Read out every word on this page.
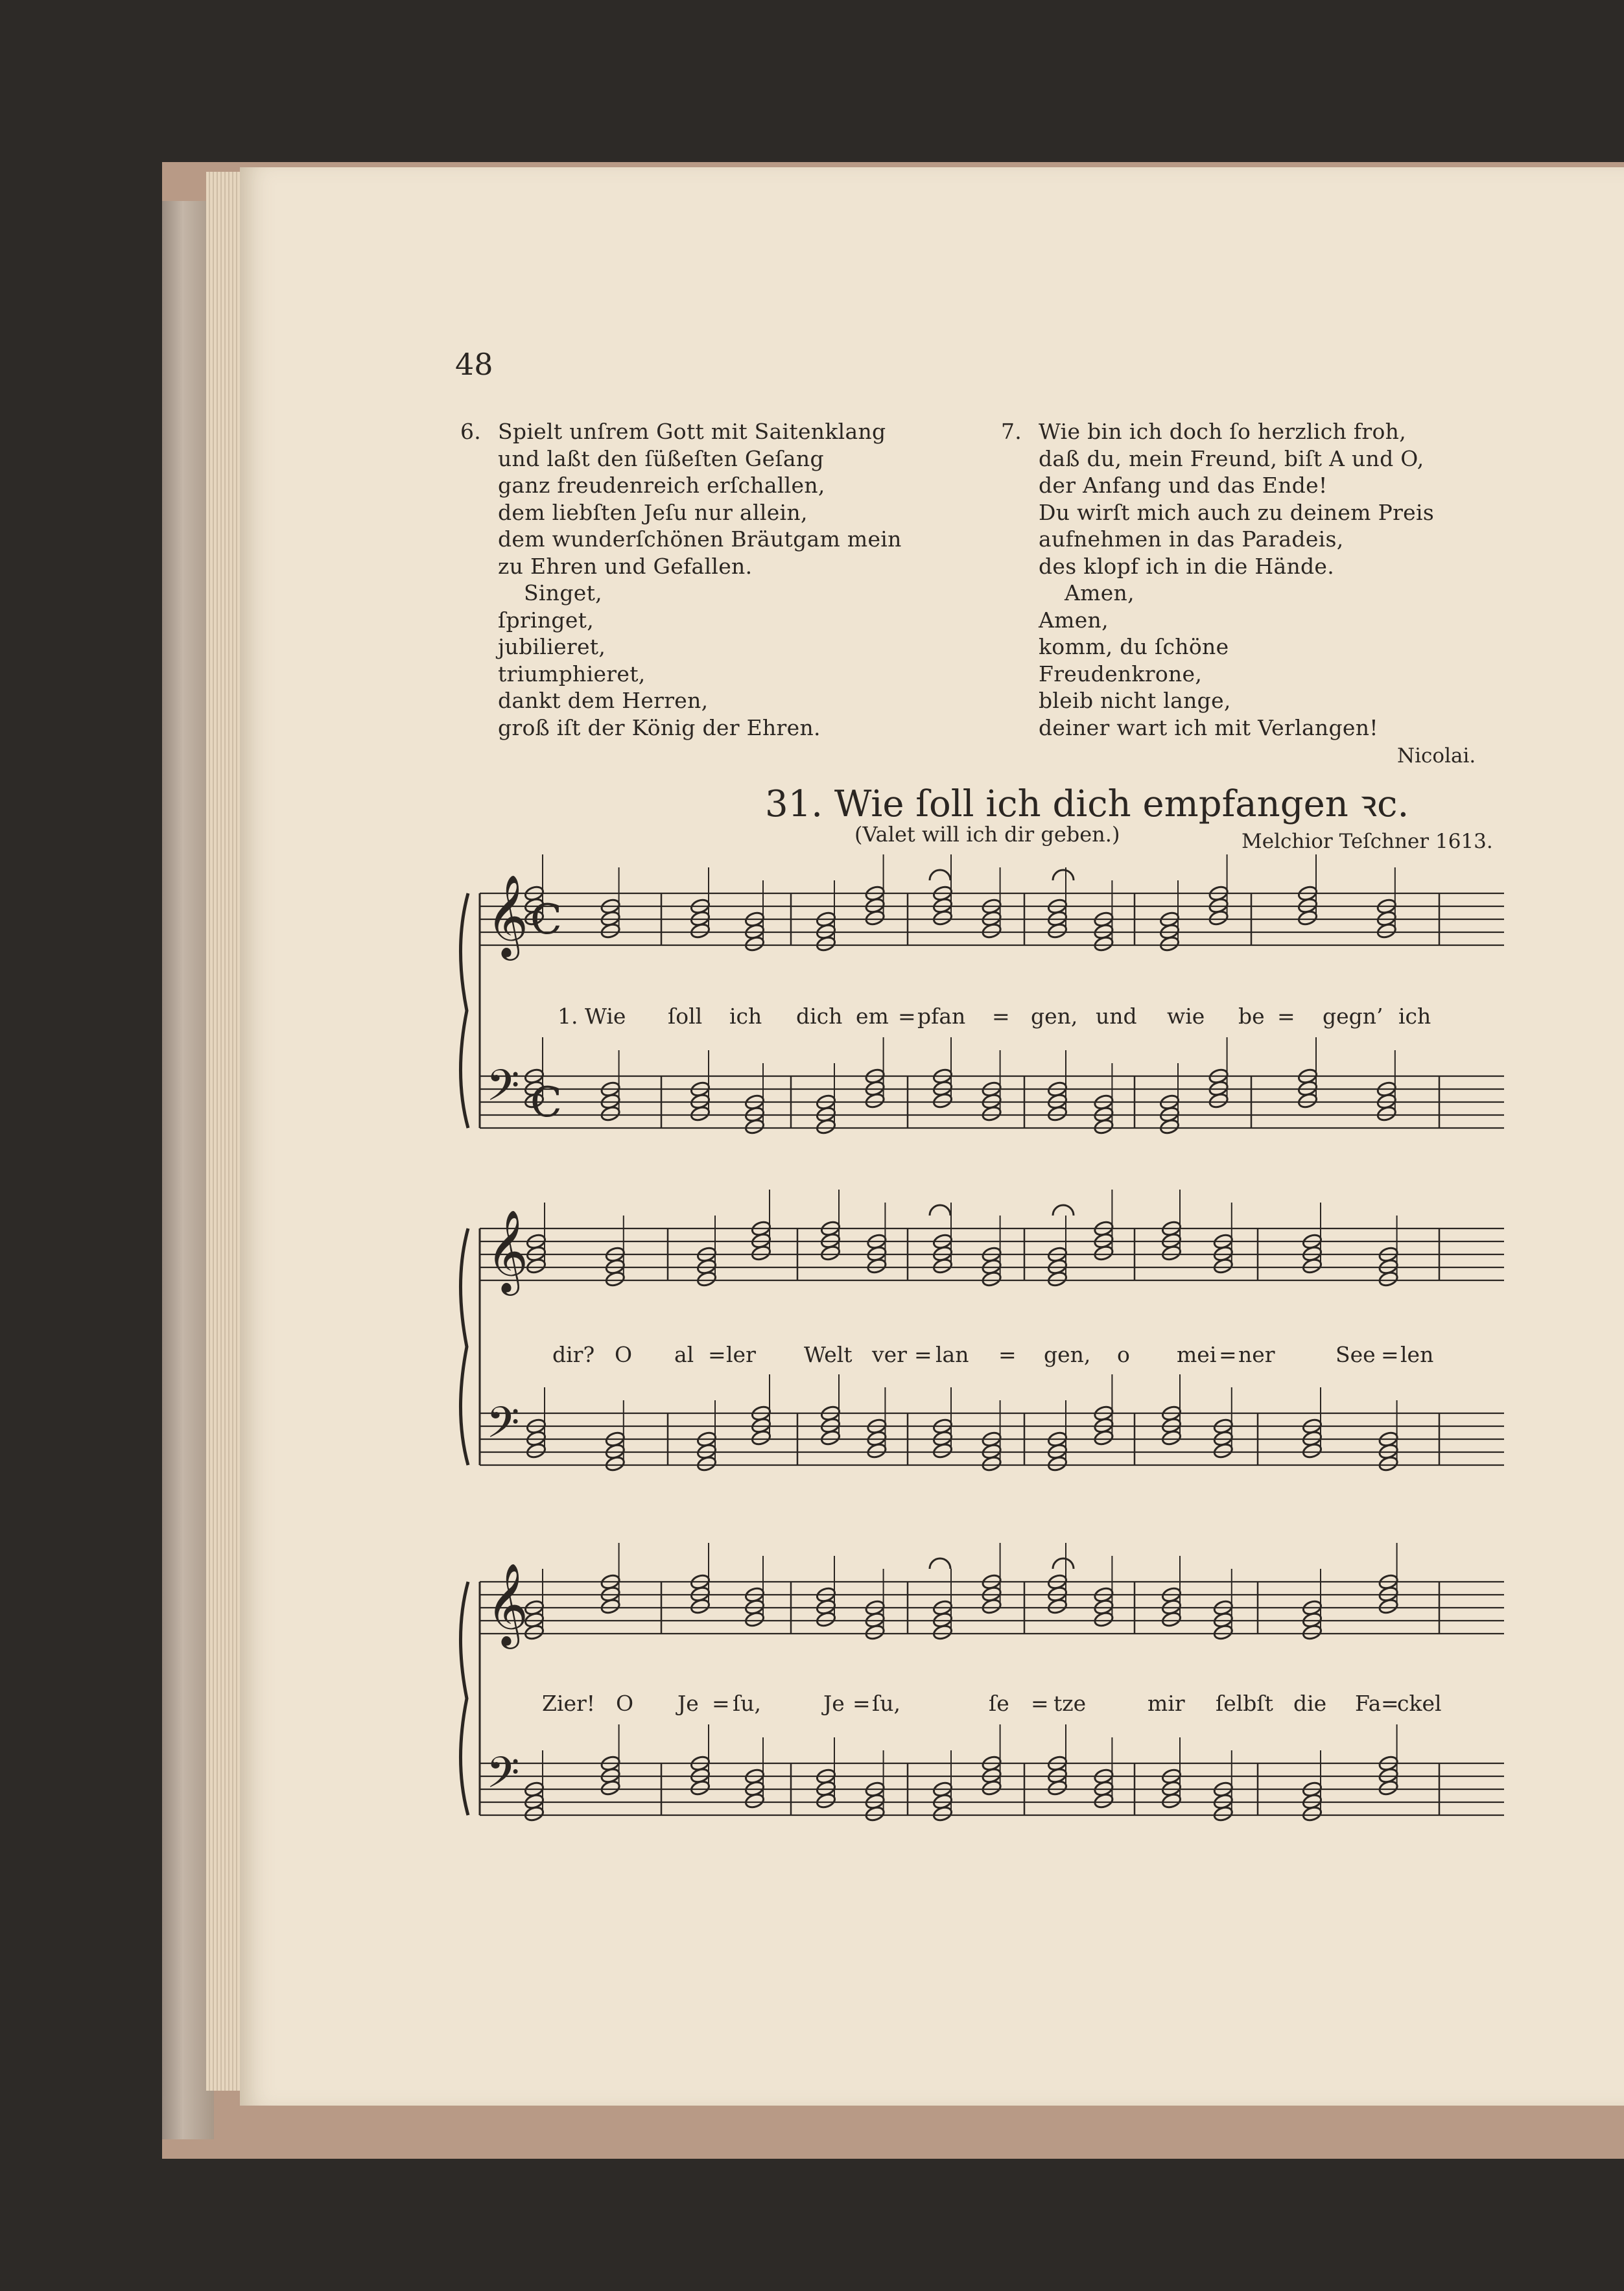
48
6. Spielt unſrem Gott mit Saitenklang
und laßt den ſüßeſten Geſang
ganz freudenreich erſchallen,
dem liebſten Jeſu nur allein,
dem wunderſchönen Bräutgam mein
zu Ehren und Gefallen.
Singet,
ſpringet,
jubilieret,
triumphieret,
dankt dem Herren,
groß iſt der König der Ehren.
7. Wie bin ich doch ſo herzlich froh,
daß du, mein Freund, biſt A und O,
der Anfang und das Ende!
Du wirſt mich auch zu deinem Preis
aufnehmen in das Paradeis,
des klopf ich in die Hände.
Amen,
Amen,
komm, du ſchöne
Freudenkrone,
bleib nicht lange,
deiner wart ich mit Verlangen!
Nicolai.
31. Wie ſoll ich dich empfangen ꝛc.
(Valet will ich dir geben.)	Melchior Teſchner 1613.
𝄞 C
𝄢 C
𝄞
𝄢
𝄞
𝄢
1. Wie ſoll ich dich em = pfan = gen, und wie be = gegn’ ich
dir? O al = ler Welt ver = lan = gen, o mei = ner	See = len
Zier! O Je = ſu,	Je = ſu,	ſe = tze	mir ſelbſt die Fa =
ckel
